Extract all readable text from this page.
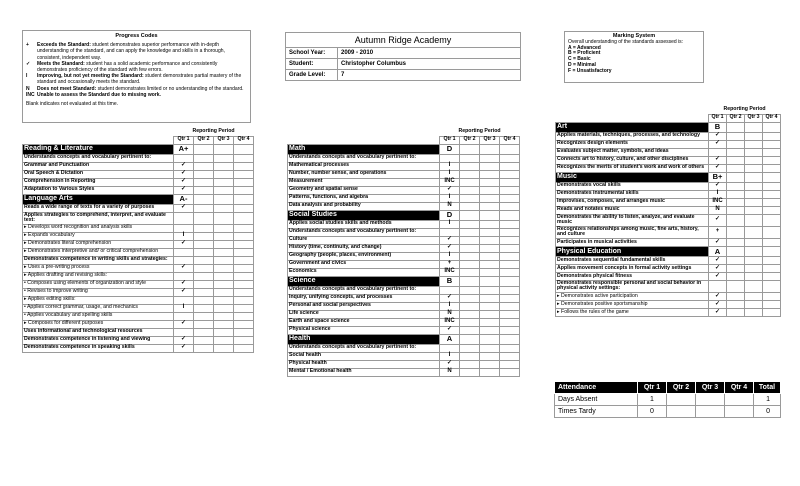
Progress Codes
+	Exceeds the Standard: student demonstrates superior performance with in-depth understanding of the standard, and can apply the knowledge and skills in a thorough, consistent, independent way.
✓	Meets the Standard: student has a solid academic performance and consistently demonstrates proficiency of the standard with few errors.
I	Improving, but not yet meeting the Standard: student demonstrates partial mastery of the standard and occasionally meets the standard.
N	Does not meet Standard: student demonstrates limited or no understanding of the standard.
INC Unable to assess the Standard due to missing work.
Blank indicates not evaluated at this time.
Autumn Ridge Academy	
School Year:	2009 - 2010
Student:	Christopher Columbus
Grade Level:	7
Marking System
Overall understanding of the standards assessed is:
A = Advanced
B = Proficient
C = Basic
D = Minimal
F = Unsatisfactory
	Reporting Period			
	Qtr 1	Qtr 2	Qtr 3	Qtr 4
Reading & Literature	A+			
Understands concepts and vocabulary pertinent to:				
Grammar and Punctuation	✓			
Oral Speech & Dictation	✓			
Comprehension in Reporting	✓			
Adaptation to Various Styles	✓			
Language Arts	A-			
Reads a wide range of texts for a variety of purposes	✓			
Applies strategies to comprehend, interpret, and evaluate text:				
▸ Develops word recognition and analysis skills				
▸ Expands vocabulary	I			
▸ Demonstrates literal comprehension	✓			
▸ Demonstrates interpretive and/ or critical comprehension				
Demonstrates competence in writing skills and strategies:				
▸ Uses a pre-writing process	✓			
▸ Applies drafting and revising skills:				
• Composes using elements of organization and style	✓			
• Revises to improve writing	✓			
▸ Applies editing skills:				
• Applies correct grammar, usage, and mechanics	I			
• Applies vocabulary and spelling skills				
▸ Composes for different purposes	✓			
Uses informational and technological resources				
Demonstrates competence in listening and viewing	✓			
Demonstrates competence in speaking skills	✓			
	Reporting Period			
	Qtr 1	Qtr 2	Qtr 3	Qtr 4
Math	D			
Understands concepts and vocabulary pertinent to:				
Mathematical processes	I			
Number, number sense, and operations	I			
Measurement	INC			
Geometry and spatial sense	✓			
Patterns, functions, and algebra	I			
Data analysis and probability	N			
Social Studies	D			
Applies social studies skills and methods	I			
Understands concepts and vocabulary pertinent to:				
Culture	✓			
History (time, continuity, and change)	✓			
Geography (people, places, environment)	I			
Government and civics	+			
Economics	INC			
Science	B			
Understands concepts and vocabulary pertinent to:				
Inquiry, unifying concepts, and processes	✓			
Personal and social perspectives	I			
Life science	N			
Earth and space science	INC			
Physical science	✓			
Health	A			
Understands concepts and vocabulary pertinent to:				
Social health	I			
Physical health	✓			
Mental / Emotional health	N			
	Reporting Period			
	Qtr 1	Qtr 2	Qtr 3	Qtr 4
Art	B			
Applies materials, techniques, processes, and technology	✓			
Recognizes design elements	✓			
Evaluates subject matter, symbols, and ideas				
Connects art to history, culture, and other disciplines	✓			
Recognizes the merits of student's work and work of others	✓			
Music	B+			
Demonstrates vocal skills	✓			
Demonstrates instrumental skills	I			
Improvises, composes, and arranges music	INC			
Reads and notates music	N			
Demonstrates the ability to listen, analyze, and evaluate music	✓			
Recognizes relationships among music, fine arts, history, and culture	+			
Participates in musical activities	✓			
Physical Education	A			
Demonstrates sequential fundamental skills	✓			
Applies movement concepts in formal activity settings	✓			
Demonstrates physical fitness	✓			
Demonstrates responsible personal and social behavior in physical activity settings:				
▸ Demonstrates active participation	✓			
▸ Demonstrates positive sportsmanship	✓			
▸ Follows the rules of the game	✓			
Attendance	Qtr 1	Qtr 2	Qtr 3	Qtr 4	Total
Days Absent	1				1
Times Tardy	0				0
